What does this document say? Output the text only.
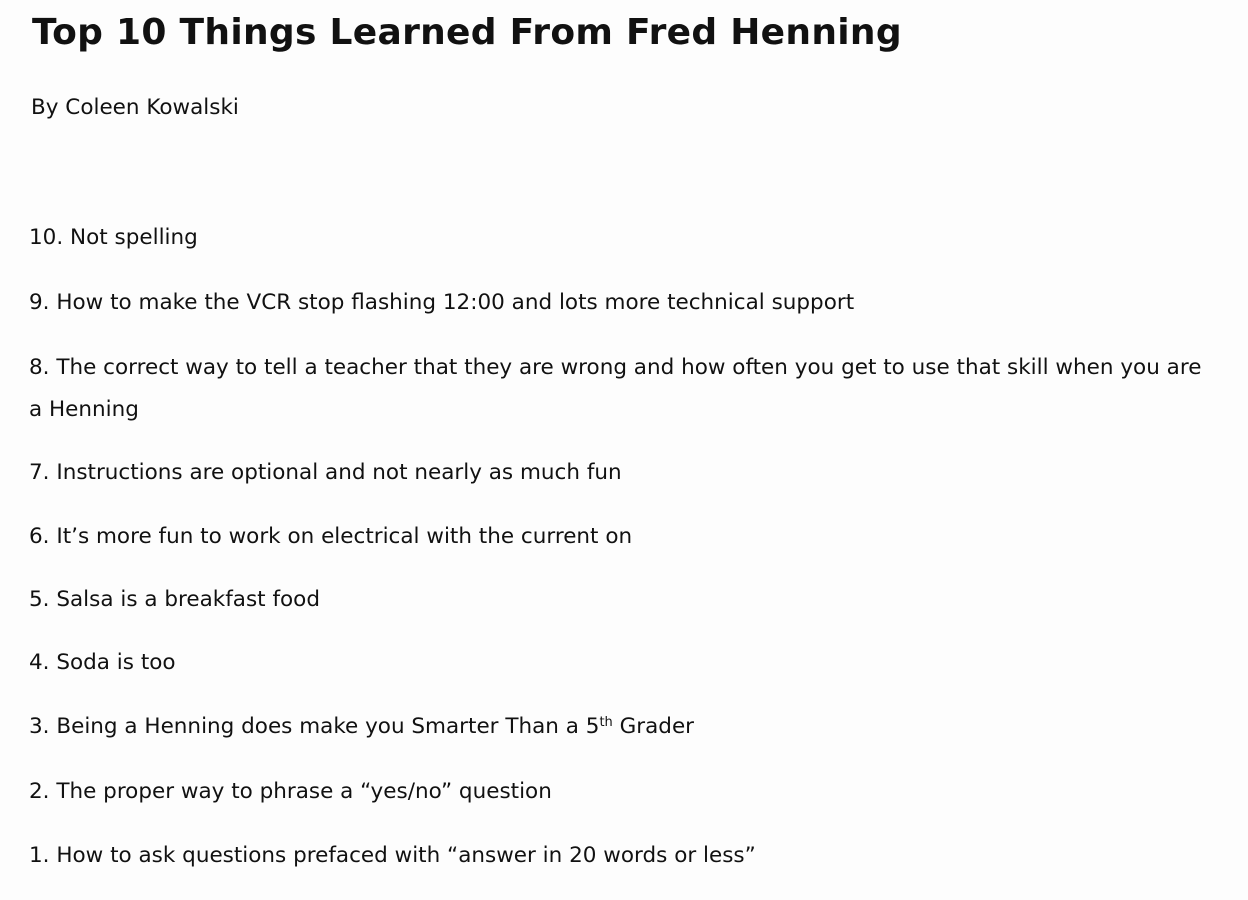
Top 10 Things Learned From Fred Henning

By Coleen Kowalski

10. Not spelling

9. How to make the VCR stop flashing 12:00 and lots more technical support

8. The correct way to tell a teacher that they are wrong and how often you get to use that skill when you are a Henning

7. Instructions are optional and not nearly as much fun

6. It’s more fun to work on electrical with the current on

5. Salsa is a breakfast food

4. Soda is too

3. Being a Henning does make you Smarter Than a 5th Grader

2. The proper way to phrase a “yes/no” question

1. How to ask questions prefaced with “answer in 20 words or less”
